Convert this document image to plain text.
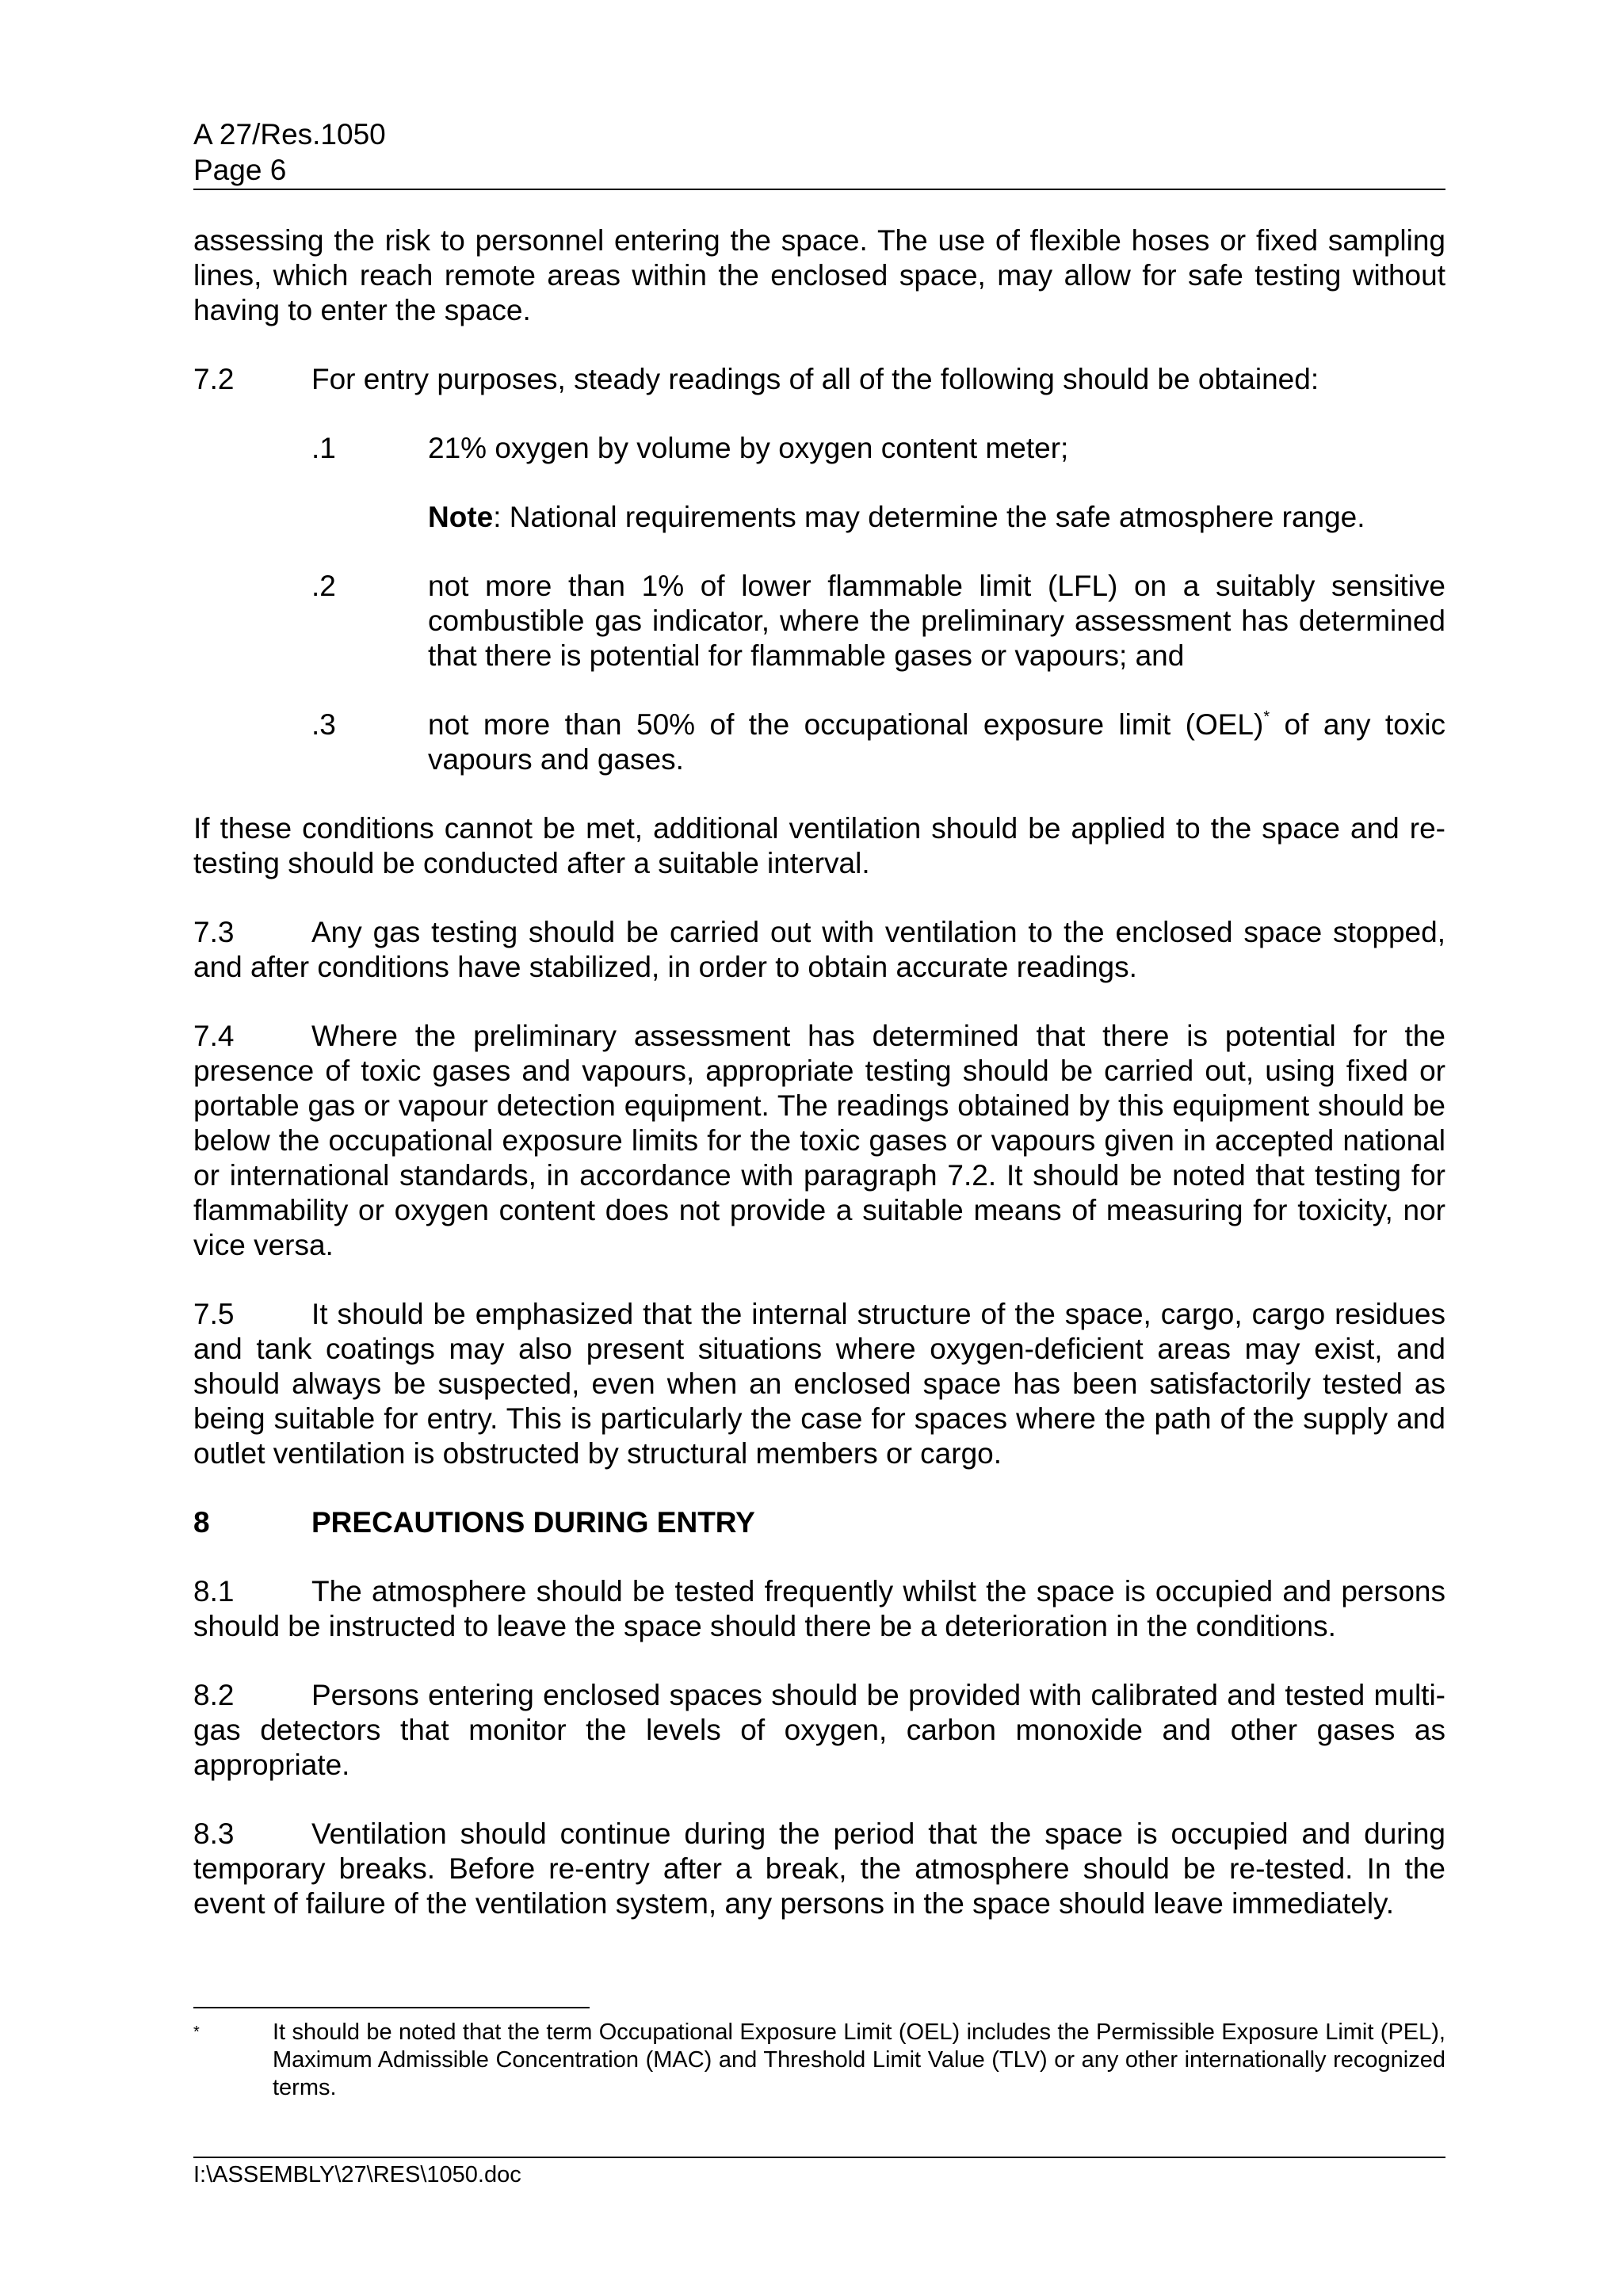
A 27/Res.1050
Page 6

assessing the risk to personnel entering the space. The use of flexible hoses or fixed sampling lines, which reach remote areas within the enclosed space, may allow for safe testing without having to enter the space.

7.2	For entry purposes, steady readings of all of the following should be obtained:

.1	21% oxygen by volume by oxygen content meter;

Note: National requirements may determine the safe atmosphere range.
.2	not more than 1% of lower flammable limit (LFL) on a suitably sensitive combustible gas indicator, where the preliminary assessment has determined that there is potential for flammable gases or vapours; and

.3	not more than 50% of the occupational exposure limit (OEL)* of any toxic vapours and gases.

If these conditions cannot be met, additional ventilation should be applied to the space and re-testing should be conducted after a suitable interval.

7.3	Any gas testing should be carried out with ventilation to the enclosed space stopped, and after conditions have stabilized, in order to obtain accurate readings.

7.4	Where the preliminary assessment has determined that there is potential for the presence of toxic gases and vapours, appropriate testing should be carried out, using fixed or portable gas or vapour detection equipment. The readings obtained by this equipment should be below the occupational exposure limits for the toxic gases or vapours given in accepted national or international standards, in accordance with paragraph 7.2. It should be noted that testing for flammability or oxygen content does not provide a suitable means of measuring for toxicity, nor vice versa.

7.5	It should be emphasized that the internal structure of the space, cargo, cargo residues and tank coatings may also present situations where oxygen-deficient areas may exist, and should always be suspected, even when an enclosed space has been satisfactorily tested as being suitable for entry. This is particularly the case for spaces where the path of the supply and outlet ventilation is obstructed by structural members or cargo.

8	PRECAUTIONS DURING ENTRY

8.1	The atmosphere should be tested frequently whilst the space is occupied and persons should be instructed to leave the space should there be a deterioration in the conditions.

8.2	Persons entering enclosed spaces should be provided with calibrated and tested multi-gas detectors that monitor the levels of oxygen, carbon monoxide and other gases as appropriate.

8.3	Ventilation should continue during the period that the space is occupied and during temporary breaks. Before re-entry after a break, the atmosphere should be re-tested. In the event of failure of the ventilation system, any persons in the space should leave immediately.

*	It should be noted that the term Occupational Exposure Limit (OEL) includes the Permissible Exposure Limit (PEL), Maximum Admissible Concentration (MAC) and Threshold Limit Value (TLV) or any other internationally recognized terms.
I:\ASSEMBLY\27\RES\1050.doc
